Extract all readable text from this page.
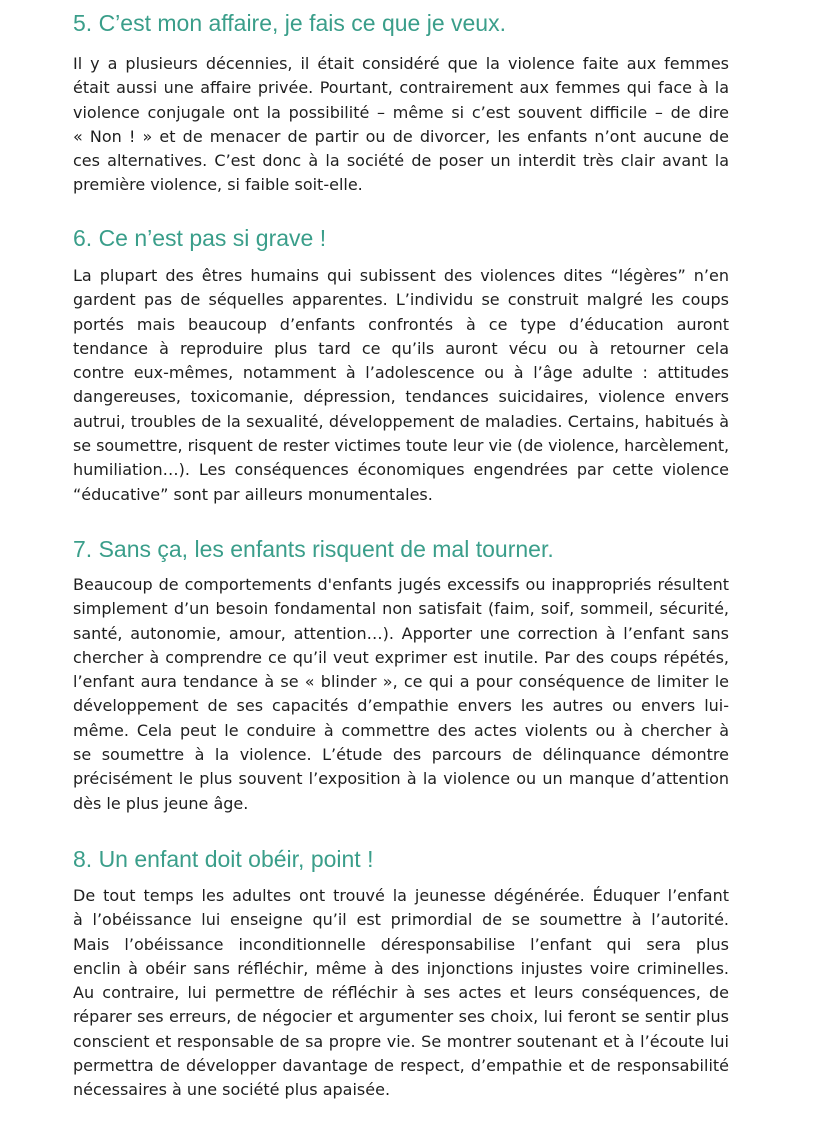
5. C’est mon affaire, je fais ce que je veux.

Il y a plusieurs décennies, il était considéré que la violence faite aux femmes
était aussi une affaire privée. Pourtant, contrairement aux femmes qui face à la
violence conjugale ont la possibilité – même si c’est souvent difficile – de dire
« Non ! » et de menacer de partir ou de divorcer, les enfants n’ont aucune de
ces alternatives. C’est donc à la société de poser un interdit très clair avant la
première violence, si faible soit-elle.

6. Ce n’est pas si grave !

La plupart des êtres humains qui subissent des violences dites “légères” n’en
gardent pas de séquelles apparentes. L’individu se construit malgré les coups
portés mais beaucoup d’enfants confrontés à ce type d’éducation auront
tendance à reproduire plus tard ce qu’ils auront vécu ou à retourner cela
contre eux-mêmes, notamment à l’adolescence ou à l’âge adulte : attitudes
dangereuses, toxicomanie, dépression, tendances suicidaires, violence envers
autrui, troubles de la sexualité, développement de maladies. Certains, habitués à
se soumettre, risquent de rester victimes toute leur vie (de violence, harcèlement,
humiliation…). Les conséquences économiques engendrées par cette violence
“éducative” sont par ailleurs monumentales.

7. Sans ça, les enfants risquent de mal tourner.

Beaucoup de comportements d'enfants jugés excessifs ou inappropriés résultent
simplement d’un besoin fondamental non satisfait (faim, soif, sommeil, sécurité,
santé, autonomie, amour, attention…). Apporter une correction à l’enfant sans
chercher à comprendre ce qu’il veut exprimer est inutile. Par des coups répétés,
l’enfant aura tendance à se « blinder », ce qui a pour conséquence de limiter le
développement de ses capacités d’empathie envers les autres ou envers lui-
même. Cela peut le conduire à commettre des actes violents ou à chercher à
se soumettre à la violence. L’étude des parcours de délinquance démontre
précisément le plus souvent l’exposition à la violence ou un manque d’attention
dès le plus jeune âge.

8. Un enfant doit obéir, point !

De tout temps les adultes ont trouvé la jeunesse dégénérée. Éduquer l’enfant
à l’obéissance lui enseigne qu’il est primordial de se soumettre à l’autorité.
Mais l’obéissance inconditionnelle déresponsabilise l’enfant qui sera plus
enclin à obéir sans réfléchir, même à des injonctions injustes voire criminelles.
Au contraire, lui permettre de réfléchir à ses actes et leurs conséquences, de
réparer ses erreurs, de négocier et argumenter ses choix, lui feront se sentir plus
conscient et responsable de sa propre vie. Se montrer soutenant et à l’écoute lui
permettra de développer davantage de respect, d’empathie et de responsabilité
nécessaires à une société plus apaisée.
